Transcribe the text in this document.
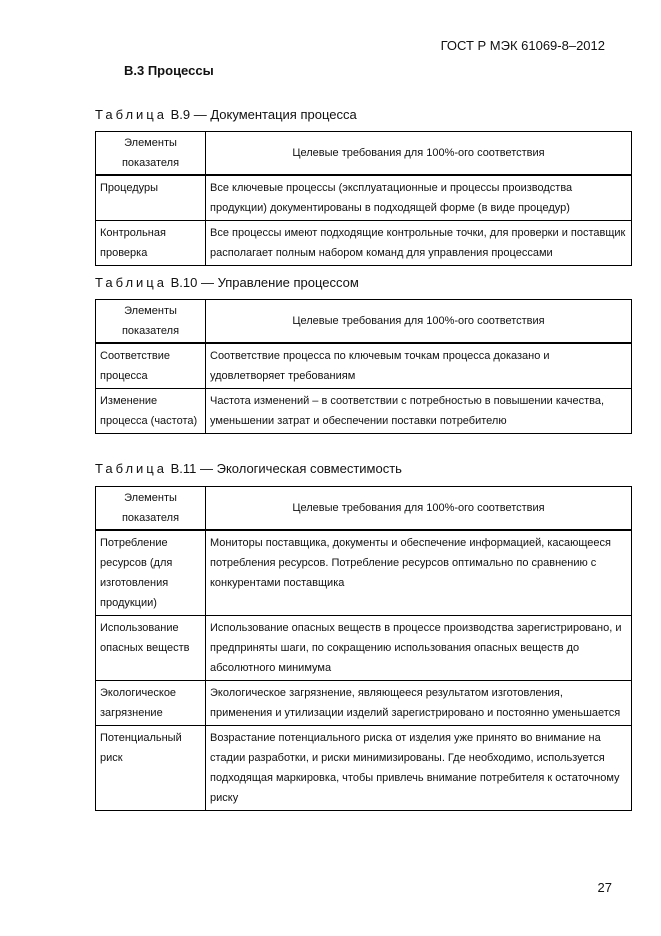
ГОСТ Р МЭК 61069-8–2012
B.3 Процессы
Таблица B.9 — Документация процесса
Элементы показателя	Целевые требования для 100%-ого соответствия
Процедуры	Все ключевые процессы (эксплуатационные и процессы производства продукции) документированы в подходящей форме (в виде процедур)
Контрольная проверка	Все процессы имеют подходящие контрольные точки, для проверки и поставщик располагает полным набором команд для управления процессами
Таблица B.10 — Управление процессом
Элементы показателя	Целевые требования для 100%-ого соответствия
Соответствие процесса	Соответствие процесса по ключевым точкам процесса доказано и удовлетворяет требованиям
Изменение процесса (частота)	Частота изменений – в соответствии с потребностью в повышении качества, уменьшении затрат и обеспечении поставки потребителю
Таблица B.11 — Экологическая совместимость
Элементы показателя	Целевые требования для 100%-ого соответствия
Потребление ресурсов (для изготовления продукции)	Мониторы поставщика, документы и обеспечение информацией, касающееся потребления ресурсов. Потребление ресурсов оптимально по сравнению с конкурентами поставщика
Использование опасных веществ	Использование опасных веществ в процессе производства зарегистрировано, и предприняты шаги, по сокращению использования опасных веществ до абсолютного минимума
Экологическое загрязнение	Экологическое загрязнение, являющееся результатом изготовления, применения и утилизации изделий зарегистрировано и постоянно уменьшается
Потенциальный риск	Возрастание потенциального риска от изделия уже принято во внимание на стадии разработки, и риски минимизированы. Где необходимо, используется подходящая маркировка, чтобы привлечь внимание потребителя к остаточному риску
27
